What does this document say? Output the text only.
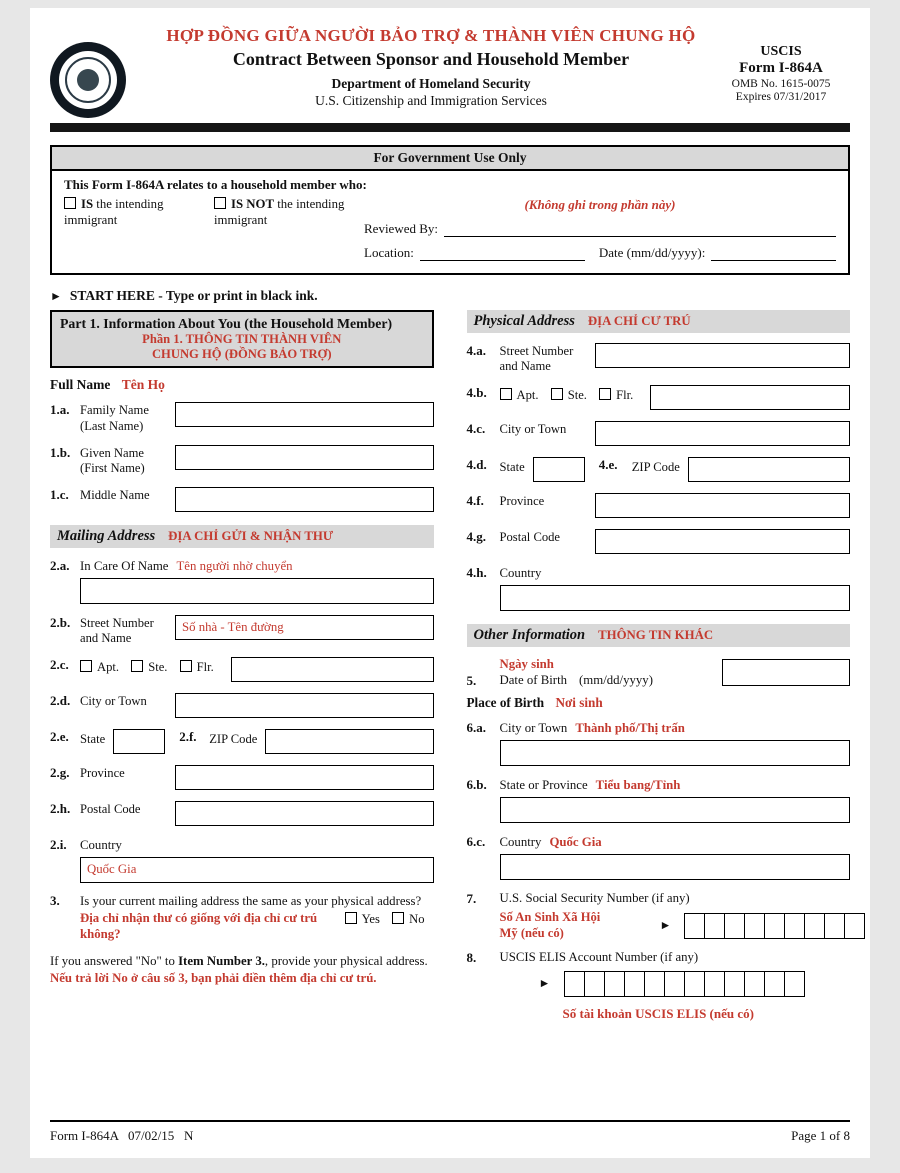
HỢP ĐỒNG GIỮA NGƯỜI BẢO TRỢ & THÀNH VIÊN CHUNG HỘ
Contract Between Sponsor and Household Member
Department of Homeland Security
U.S. Citizenship and Immigration Services
USCIS
Form I-864A
OMB No. 1615-0075
Expires 07/31/2017
For Government Use Only
This Form I-864A relates to a household member who:
IS the intending immigrant
IS NOT the intending immigrant
(Không ghi trong phần này)
Reviewed By:
Location:	Date (mm/dd/yyyy):
► START HERE - Type or print in black ink.
Part 1. Information About You (the Household Member)
Phần 1. THÔNG TIN THÀNH VIÊN
CHUNG HỘ (ĐỒNG BẢO TRỢ)
Full Name Tên Họ
1.a. Family Name
(Last Name)
1.b. Given Name
(First Name)
1.c. Middle Name
Mailing Address ĐỊA CHỈ GỬI & NHẬN THƯ
2.a. In Care Of Name Tên người nhờ chuyển
2.b. Street Number
and Name
Số nhà - Tên đường
2.c.	Apt. Ste. Flr.
2.d. City or Town
2.e. State	2.f.	ZIP Code
2.g. Province
2.h. Postal Code
2.i.	Country
Quốc Gia
3.	Is your current mailing address the same as your physical address?
Địa chỉ nhận thư có giống với địa chỉ cư trú không?
Yes No
If you answered "No" to Item Number 3., provide your physical address. Nếu trả lời No ở câu số 3, bạn phải điền thêm địa chỉ cư trú.
Physical Address ĐỊA CHỈ CƯ TRÚ
4.a.	Street Number
and Name
4.b.	Apt. Ste. Flr.
4.c.	City or Town
4.d.	State	4.e.	ZIP Code
4.f.	Province
4.g.	Postal Code
4.h. Country
Other Information THÔNG TIN KHÁC
Ngày sinh
5.	Date of Birth (mm/dd/yyyy)
Place of Birth Nơi sinh
6.a.	City or Town Thành phố/Thị trấn
6.b. State or Province Tiểu bang/Tỉnh
6.c.	Country Quốc Gia
7.	U.S. Social Security Number (if any)
Số An Sinh Xã Hội
Mỹ (nếu có)
►
8.	USCIS ELIS Account Number (if any)
►
Số tài khoản USCIS ELIS (nếu có)
Form I-864A   07/02/15   N	Page 1 of 8
